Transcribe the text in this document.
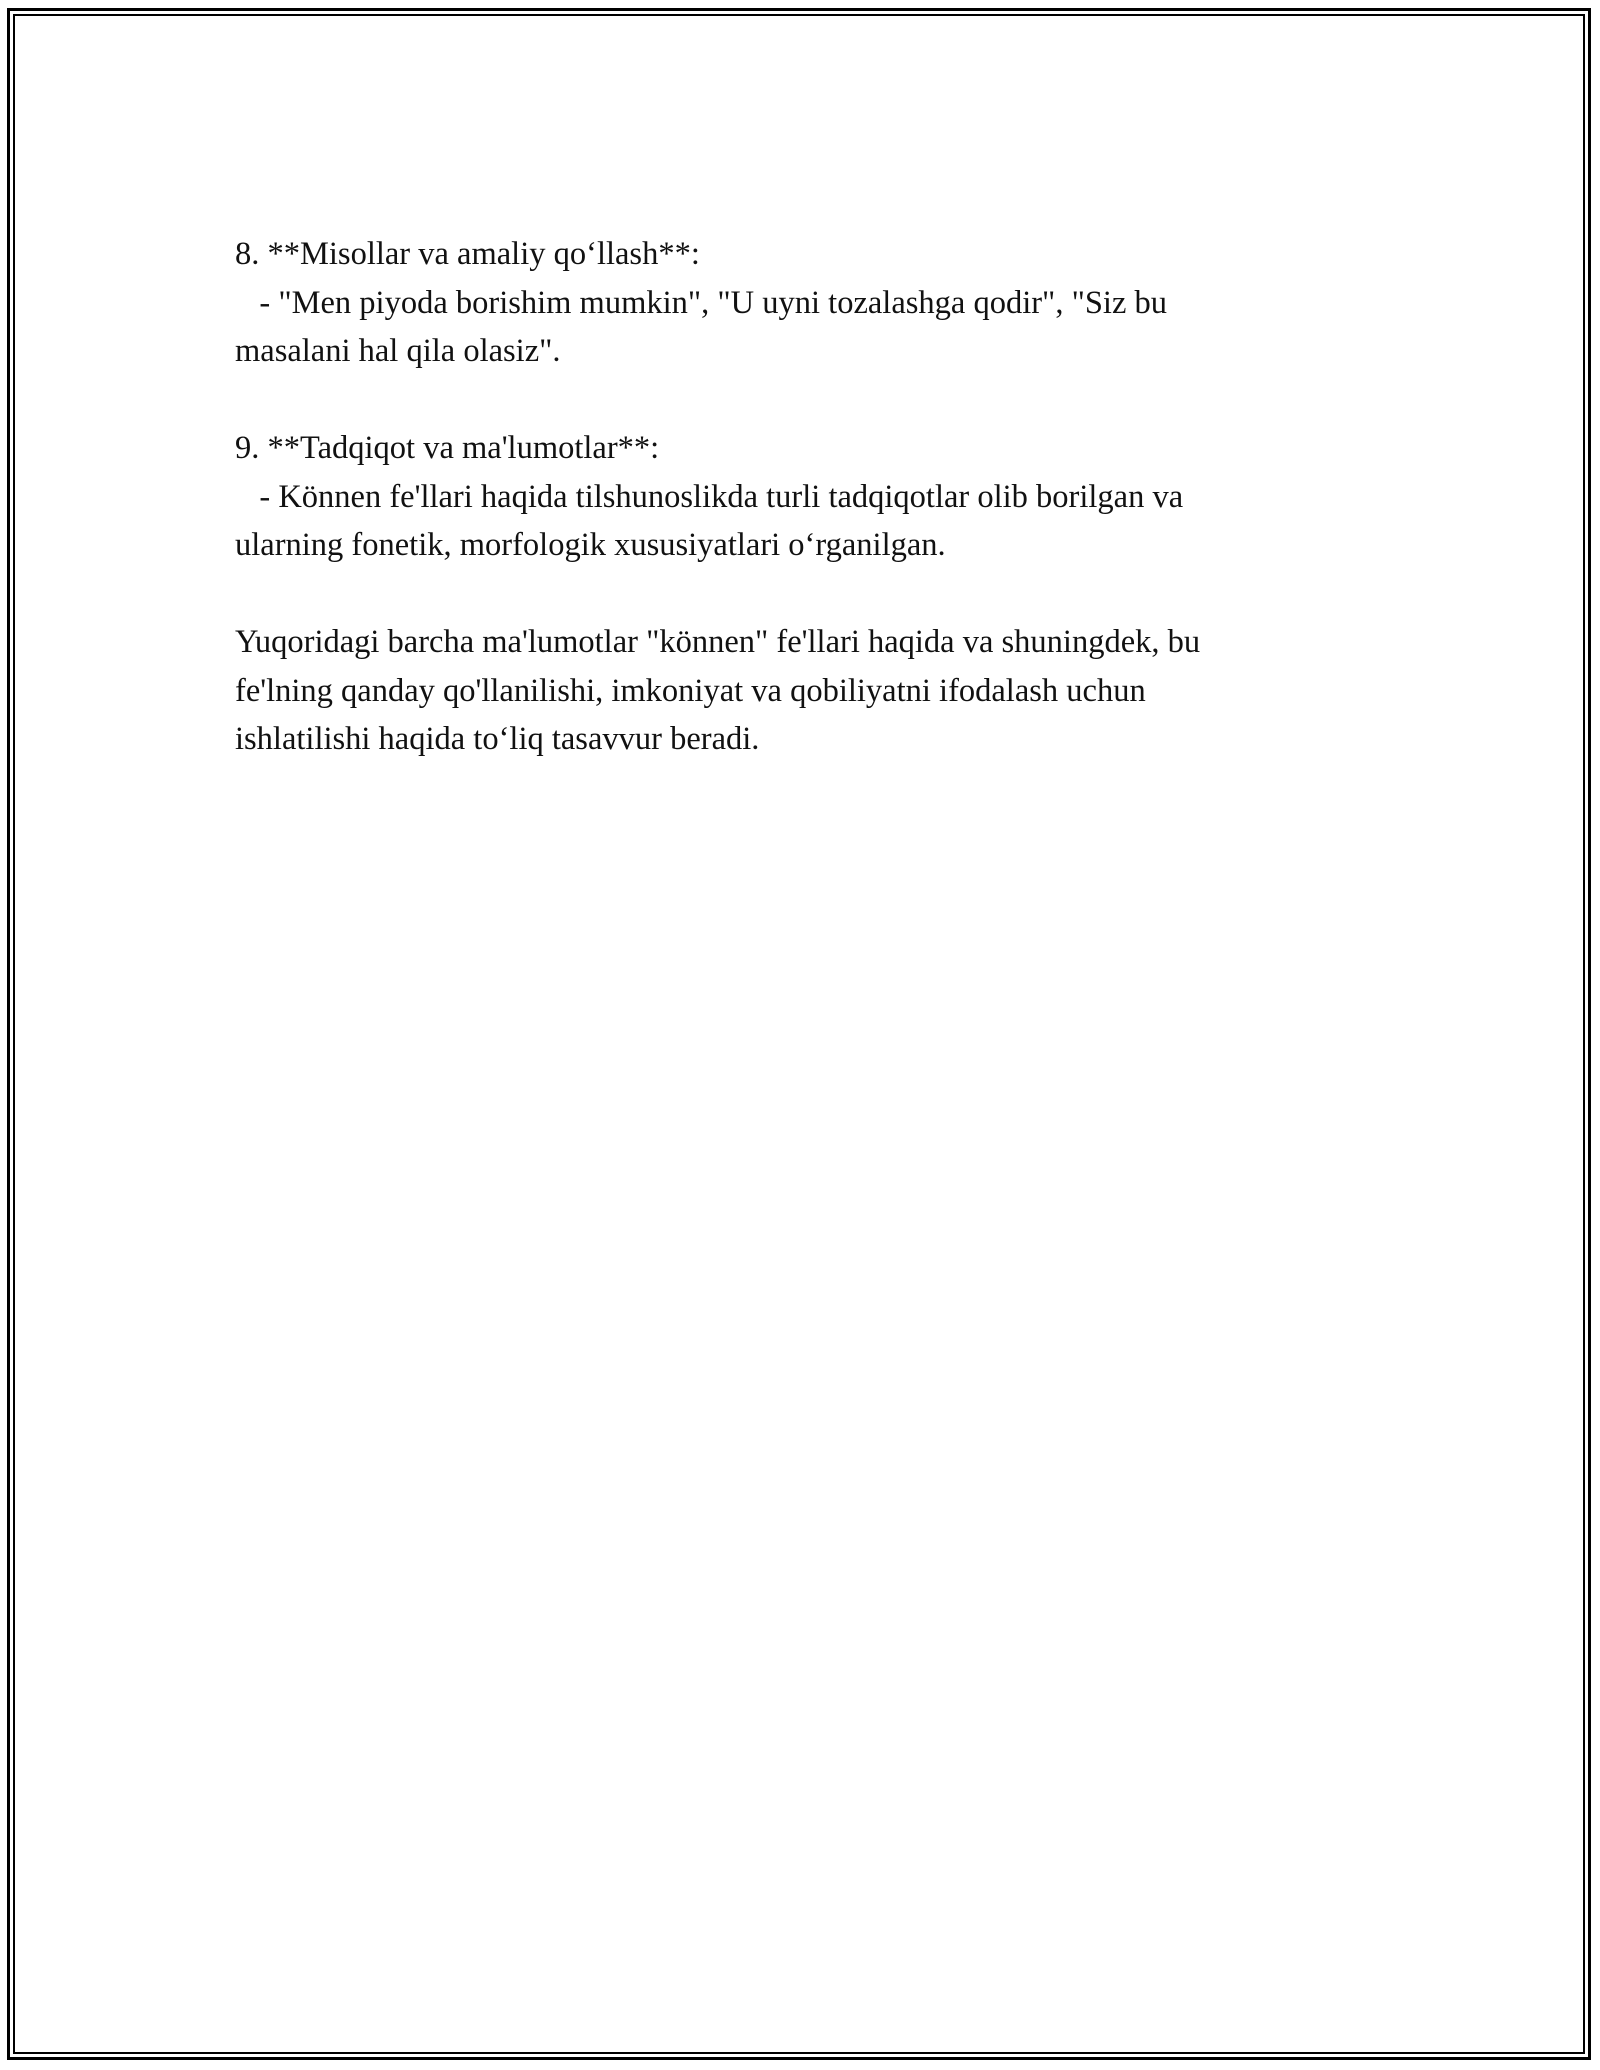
8. **Misollar va amaliy qo‘llash**:
- "Men piyoda borishim mumkin", "U uyni tozalashga qodir", "Siz bu
masalani hal qila olasiz".
9. **Tadqiqot va ma'lumotlar**:
- Können fe'llari haqida tilshunoslikda turli tadqiqotlar olib borilgan va
ularning fonetik, morfologik xususiyatlari o‘rganilgan.
Yuqoridagi barcha ma'lumotlar "können" fe'llari haqida va shuningdek, bu
fe'lning qanday qo'llanilishi, imkoniyat va qobiliyatni ifodalash uchun
ishlatilishi haqida to‘liq tasavvur beradi.
